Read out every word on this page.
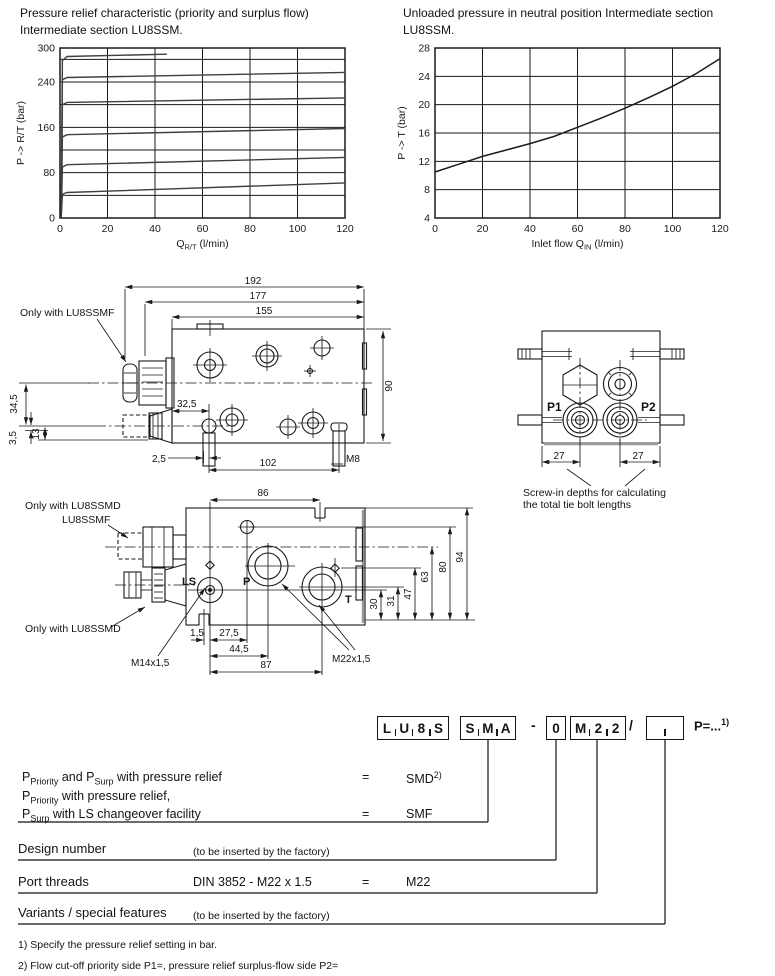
Pressure relief characteristic (priority and surplus flow)
Intermediate section LU8SSM.
Unloaded pressure in neutral position Intermediate section
LU8SSM.
0	20	40	60	80	100	120
0
80
160
240
300
P -> R/T (bar)
$Q_{R/T}$ (l/min)
0	20	40	60	80	100	120
4
8
12
16
20
24
28
P -> T (bar)
Inlet flow $Q_{IN}$ (l/min)
Only with LU8SSMF
192
177
155
90
34,5
3,5 13
32,5
2,5	102	M8
P1	P2
27	27
Screw-in depths for calculating
the total tie bolt lengths
Only with LU8SSMD
LU8SSMF
Only with LU8SSMD
LS	P
T
86
94
80
63
47
31
30
1,5 27,5
44,5
87
M14x1,5	M22x1,5
L U 8 S S M A - 0 M 2 2 /	P=...$^{1)}$
$P_{Priority}$ and $P_{Surp}$ with pressure relief	=	$SMD^{2)}$
$P_{Priority}$ with pressure relief,
$P_{Surp}$ with LS changeover facility	=	SMF
Design number	(to be inserted by the factory)
Port threads	DIN 3852 - M22 x 1.5	=	M22
Variants / special features	(to be inserted by the factory)
1) Specify the pressure relief setting in bar.
2) Flow cut-off priority side P1=, pressure relief surplus-flow side P2=
